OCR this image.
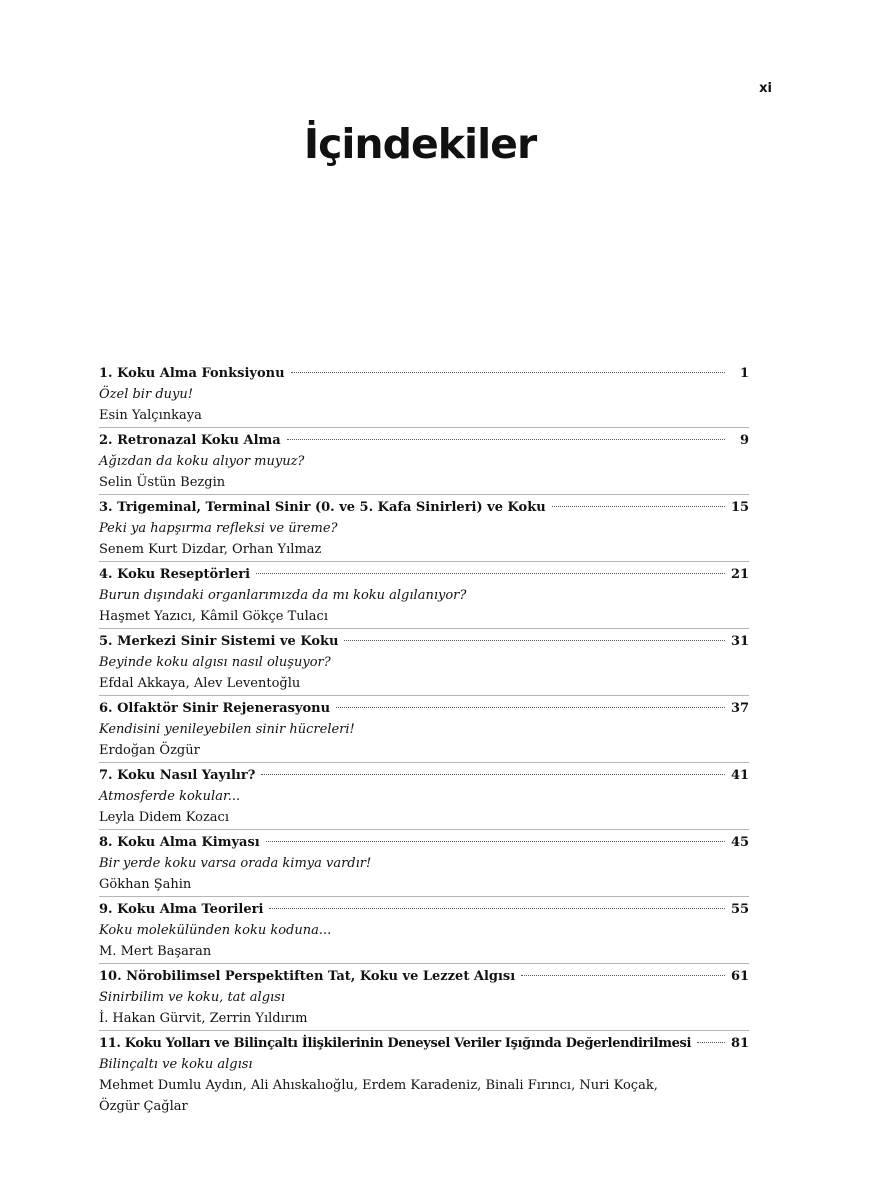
xi
İçindekiler
1. Koku Alma Fonksiyonu	1
Özel bir duyu!
Esin Yalçınkaya
2. Retronazal Koku Alma	9
Ağızdan da koku alıyor muyuz?
Selin Üstün Bezgin
3. Trigeminal, Terminal Sinir (0. ve 5. Kafa Sinirleri) ve Koku	15
Peki ya hapşırma refleksi ve üreme?
Senem Kurt Dizdar, Orhan Yılmaz
4. Koku Reseptörleri	21
Burun dışındaki organlarımızda da mı koku algılanıyor?
Haşmet Yazıcı, Kâmil Gökçe Tulacı
5. Merkezi Sinir Sistemi ve Koku	31
Beyinde koku algısı nasıl oluşuyor?
Efdal Akkaya, Alev Leventoğlu
6. Olfaktör Sinir Rejenerasyonu	37
Kendisini yenileyebilen sinir hücreleri!
Erdoğan Özgür
7. Koku Nasıl Yayılır?	41
Atmosferde kokular...
Leyla Didem Kozacı
8. Koku Alma Kimyası	45
Bir yerde koku varsa orada kimya vardır!
Gökhan Şahin
9. Koku Alma Teorileri	55
Koku molekülünden koku koduna...
M. Mert Başaran
10. Nörobilimsel Perspektiften Tat, Koku ve Lezzet Algısı	61
Sinirbilim ve koku, tat algısı
İ. Hakan Gürvit, Zerrin Yıldırım
11. Koku Yolları ve Bilinçaltı İlişkilerinin Deneysel Veriler Işığında Değerlendirilmesi	81
Bilinçaltı ve koku algısı
Mehmet Dumlu Aydın, Ali Ahıskalıoğlu, Erdem Karadeniz, Binali Fırıncı, Nuri Koçak, Özgür Çağlar
